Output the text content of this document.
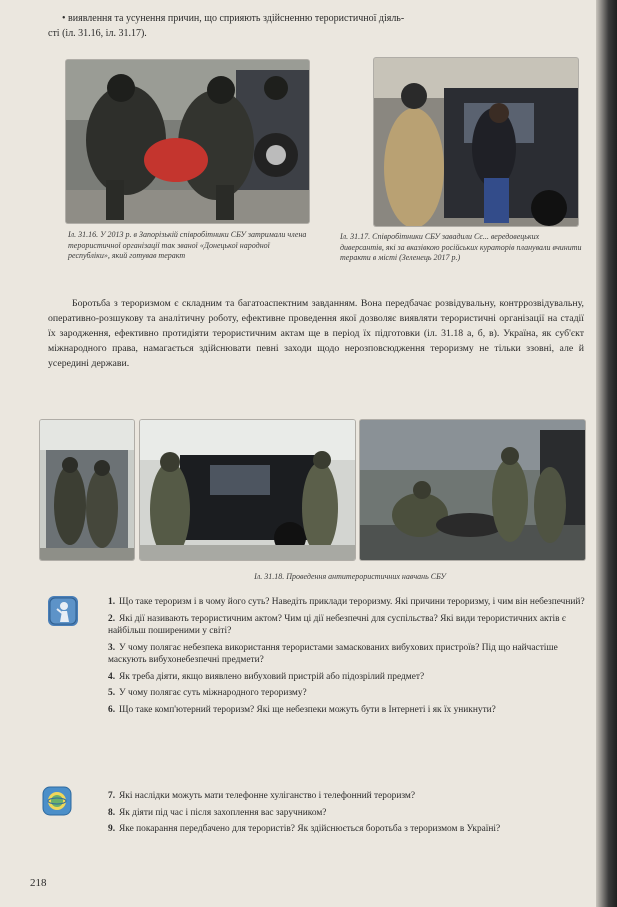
• виявлення та усунення причин, що сприяють здійсненню терористичної діяль-
сті (іл. 31.16, іл. 31.17).
Іл. 31.16. У 2013 р. в Запорізькій співробітники СБУ затримали члена терористичної організації так званої «Донецької народної республіки», який готував теракт
Іл. 31.17. Співробітники СБУ завадили Сє... вередовецьких диверсантів, які за вказівкою російських кураторів планували вчинити теракти в місті (Зеленець 2017 р.)

Боротьба з тероризмом є складним та багатоаспектним завданням. Вона передбачає розвідувальну, контррозвідувальну, оперативно-розшукову та аналітичну роботу, ефективне проведення якої дозволяє виявляти терористичні організації на стадії їх зародження, ефективно протидіяти терористичним актам ще в період їх підготовки (іл. 31.18 а, б, в). Україна, як суб'єкт міжнародного права, намагається здійснювати певні заходи щодо нерозповсюдження тероризму не тільки ззовні, але й усередині держави.

Іл. 31.18. Проведення антитерористичних навчань СБУ
1. Що таке тероризм і в чому його суть? Наведіть приклади тероризму. Які причини тероризму, і чим він небезпечний?
2. Які дії називають терористичним актом? Чим ці дії небезпечні для суспільства? Які види терористичних актів є найбільш поширеними у світі?
3. У чому полягає небезпека використання терористами замаскованих вибухових пристроїв? Під що найчастіше маскують вибухонебезпечні предмети?
4. Як треба діяти, якщо виявлено вибуховий пристрій або підозрілий предмет?
5. У чому полягає суть міжнародного тероризму?
6. Що таке комп'ютерний тероризм? Які ще небезпеки можуть бути в Інтернеті і як їх уникнути?
7. Які наслідки можуть мати телефонне хуліганство і телефонний тероризм?
8. Як діяти під час і після захоплення вас заручником?
9. Яке покарання передбачено для терористів? Як здійснюється боротьба з тероризмом в Україні?
218
